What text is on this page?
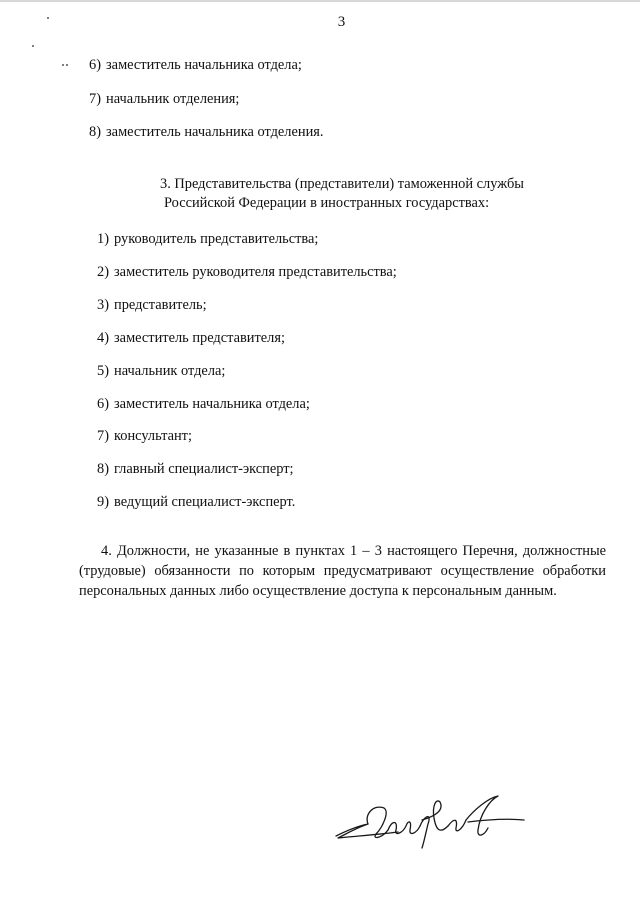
3
6) заместитель начальника отдела;
7) начальник отделения;
8) заместитель начальника отделения.
3. Представительства (представители) таможенной службы
Российской Федерации в иностранных государствах:
1) руководитель представительства;
2) заместитель руководителя представительства;
3) представитель;
4) заместитель представителя;
5) начальник отдела;
6) заместитель начальника отдела;
7) консультант;
8) главный специалист-эксперт;
9) ведущий специалист-эксперт.
4. Должности, не указанные в пунктах 1 – 3 настоящего Перечня, должностные (трудовые) обязанности по которым предусматривают осуществление обработки персональных данных либо осуществление доступа к персональным данным.
